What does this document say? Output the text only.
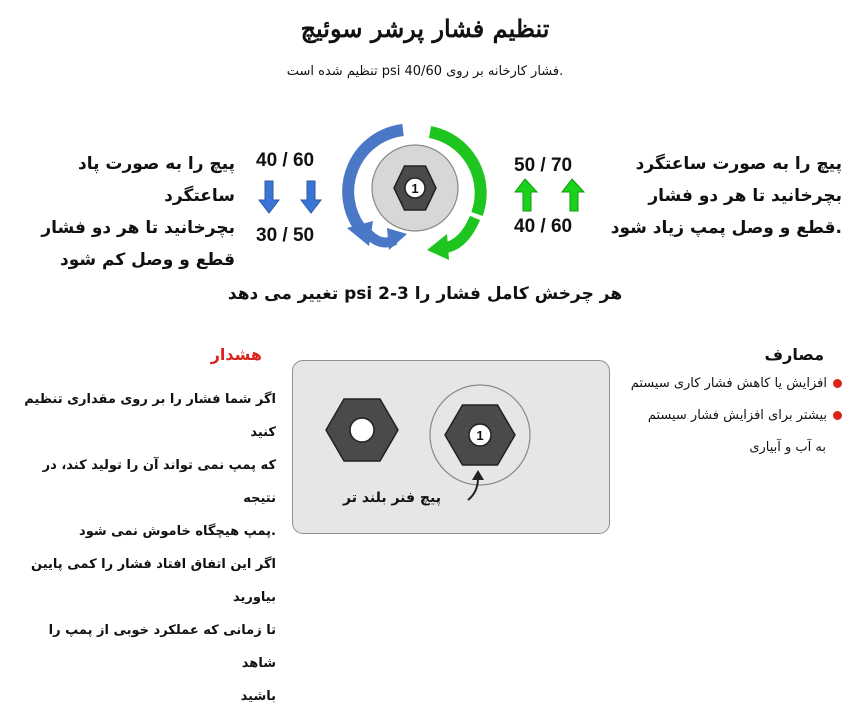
تنظیم فشار پرشر سوئیچ
.فشار کارخانه بر روی psi 40/60 تنظیم شده است
پیچ را به صورت پاد ساعتگرد
بچرخانید تا هر دو فشار
قطع و وصل کم شود
پیچ را به صورت ساعتگرد
بچرخانید تا هر دو فشار
.قطع و وصل پمپ زیاد شود
40 / 60
30 / 50
50 / 70
40 / 60
1
هر چرخش کامل فشار را psi 2-3 تغییر می دهد
هشدار
اگر شما فشار را بر روی مقداری تنظیم کنید
که پمپ نمی تواند آن را تولید کند، در نتیجه
.پمپ هیچگاه خاموش نمی شود
اگر این اتفاق افتاد فشار را کمی پایین بیاورید
تا زمانی که عملکرد خوبی از پمپ را شاهد
باشید
مصارف
افزایش یا کاهش فشار کاری سیستم
بیشتر برای افزایش فشار سیستم
به آب و آبیاری
1
پیچ فنر بلند تر
